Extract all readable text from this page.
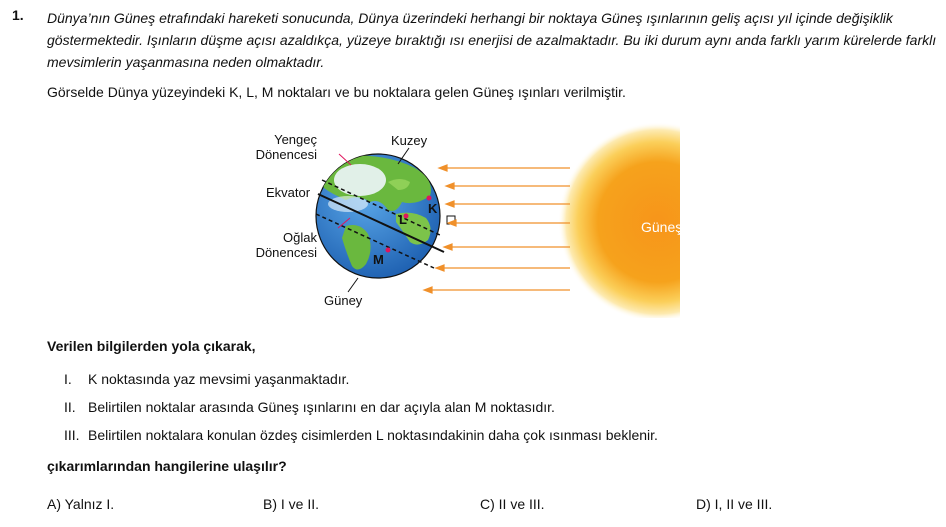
1. Dünya’nın Güneş etrafındaki hareketi sonucunda, Dünya üzerindeki herhangi bir noktaya Güneş ışınlarının geliş açısı yıl içinde değişiklik göstermektedir. Işınların düşme açısı azaldıkça, yüzeye bıraktığı ısı enerjisi de azalmaktadır. Bu iki durum aynı anda farklı yarım kürelerde farklı mevsimlerin yaşanmasına neden olmaktadır.

Görselde Dünya yüzeyindeki K, L, M noktaları ve bu noktalara gelen Güneş ışınları verilmiştir.

Yengeç
Dönencesi
Kuzey
Ekvator
Oğlak
Dönencesi
Güney
K
L
M
Güneş

Verilen bilgilerden yola çıkarak,

I. K noktasında yaz mevsimi yaşanmaktadır.

II. Belirtilen noktalar arasında Güneş ışınlarını en dar açıyla alan M noktasıdır.

III. Belirtilen noktalara konulan özdeş cisimlerden L noktasındakinin daha çok ısınması beklenir.

çıkarımlarından hangilerine ulaşılır?

A) Yalnız I.	B) I ve II.	C) II ve III.	D) I, II ve III.
